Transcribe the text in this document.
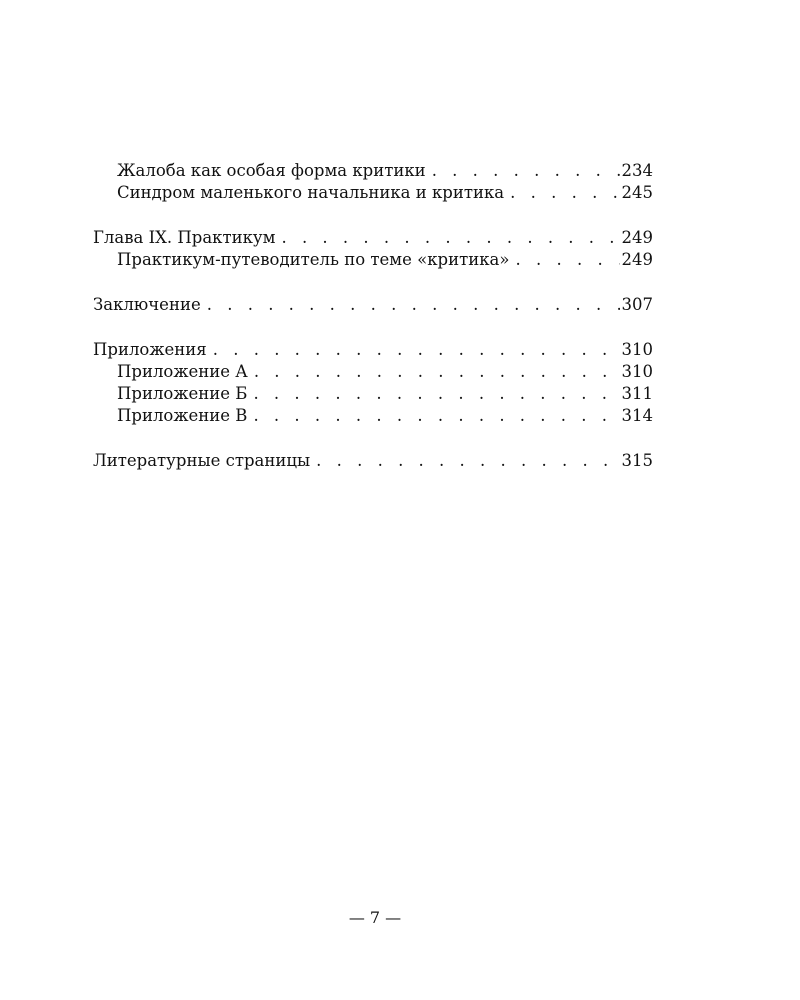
Жалоба как особая форма критики . . .	234
Синдром маленького начальника и критика . . .	245
Глава IX. Практикум . . .	249
Практикум-путеводитель по теме «критика» . . .	249
Заключение . . .	307
Приложения . . .	310
Приложение А . . .	310
Приложение Б . . .	311
Приложение В . . .	314
Литературные страницы . . .	315
— 7 —
